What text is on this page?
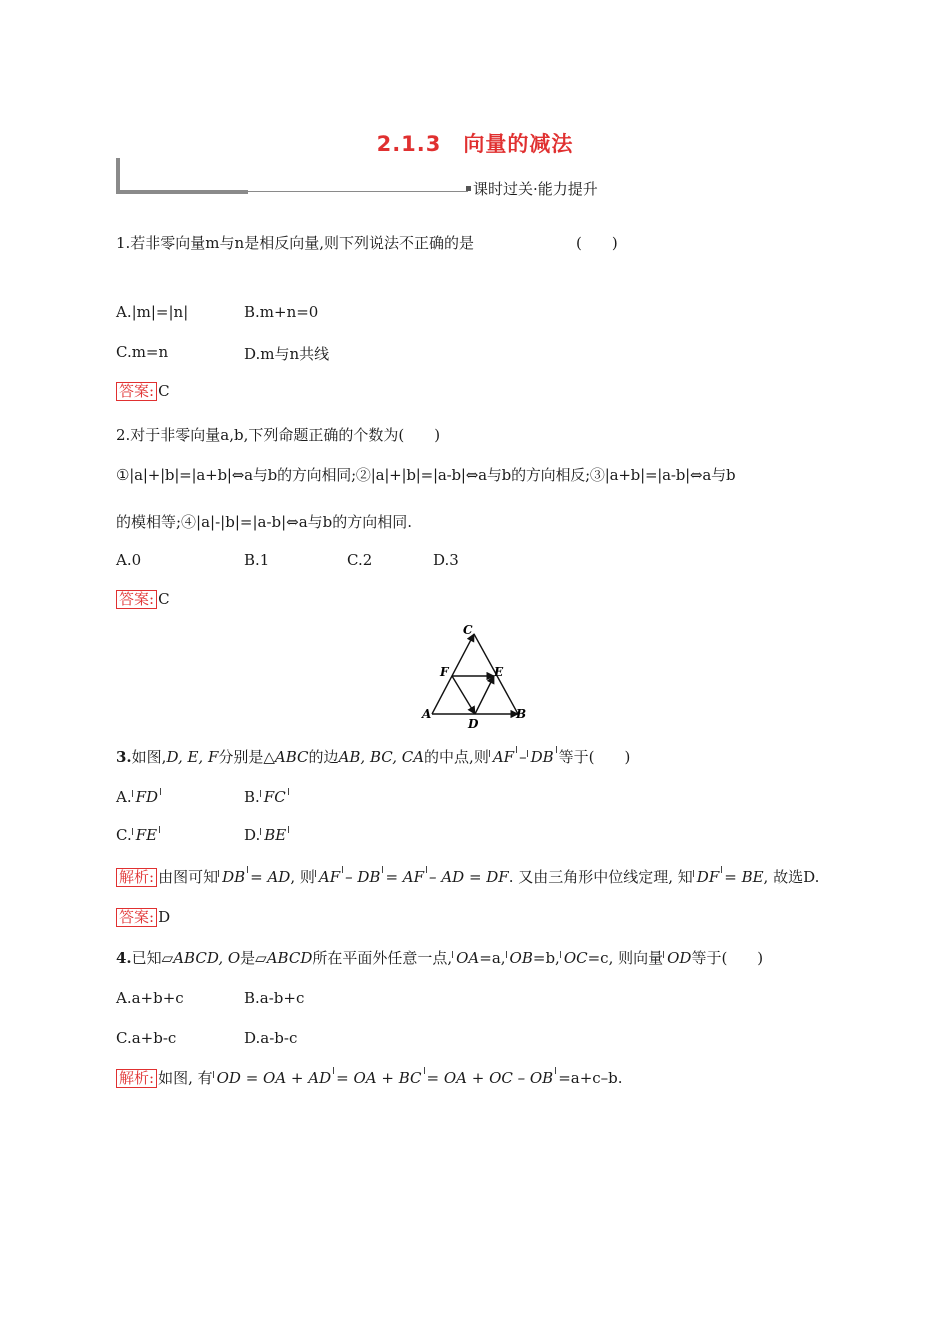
2.1.3　向量的减法
课时过关·能力提升
1.若非零向量m与n是相反向量,则下列说法不正确的是	(　　)
A.|m|=|n|	B.m+n=0
C.m=n	D.m与n共线
答案: C
2.对于非零向量a,b,下列命题正确的个数为(　　)
①|a|+|b|=|a+b|⇔a与b的方向相同;②|a|+|b|=|a-b|⇔a与b的方向相反;③|a+b|=|a-b|⇔a与b
的模相等;④|a|-|b|=|a-b|⇔a与b的方向相同.
A.0	B.1	C.2	D.3
答案: C
C
F	E
A
D
B
3.如图,D, E, F分别是△ABC的边AB, BC, CA的中点,则 AF – DB 等于(　　)
A. FD	B. FC
C. FE	D. BE
解析: 由图可知 DB = AD, 则 AF – DB = AF – AD = DF. 又由三角形中位线定理, 知 DF = BE, 故选D.
答案: D
4.已知▱ABCD, O是▱ABCD所在平面外任意一点, OA=a, OB=b, OC=c, 则向量 OD等于(　　)
A.a+b+c	B.a-b+c
C.a+b-c	D.a-b-c
解析: 如图, 有 OD = OA + AD = OA + BC = OA + OC – OB =a+c–b.
